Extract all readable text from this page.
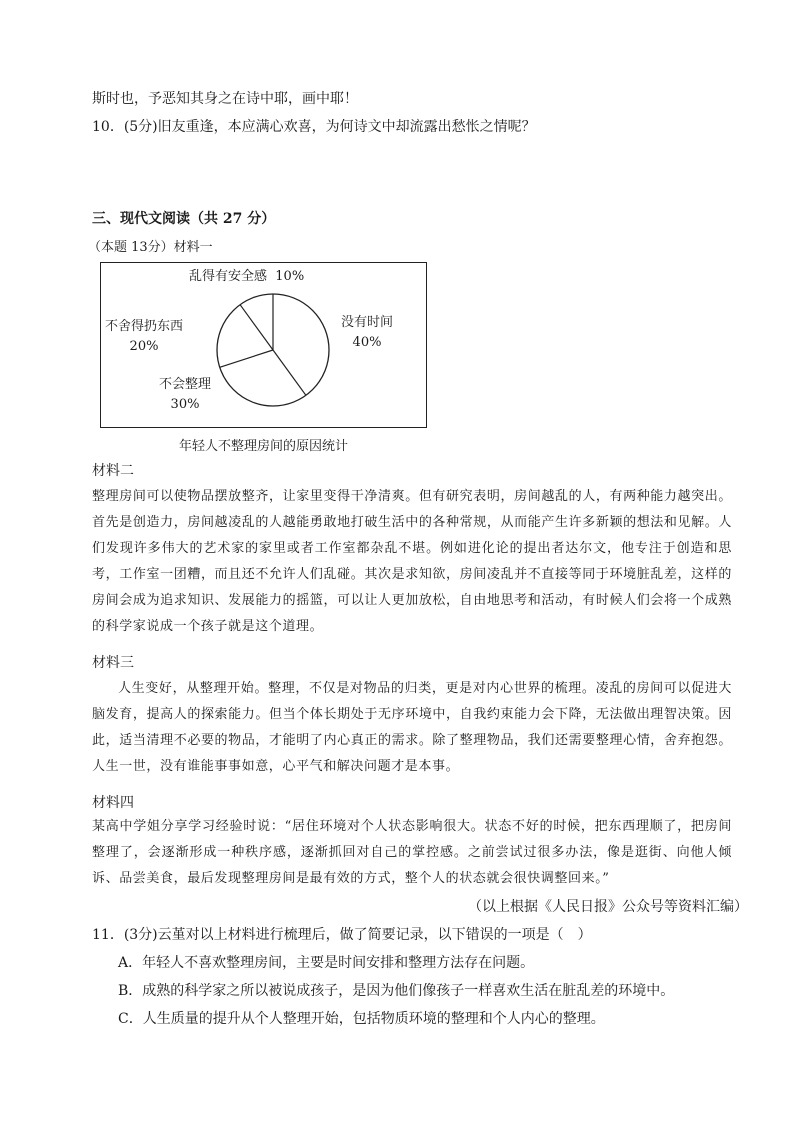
斯时也，予恶知其身之在诗中耶，画中耶！
10．(5分)旧友重逢，本应满心欢喜，为何诗文中却流露出愁怅之情呢？
三、现代文阅读（共 27 分）
（本题 13分）材料一
没有时间
40%
不会整理
30%
不舍得扔东西
20%
乱得有安全感 10%
年轻人不整理房间的原因统计
材料二

整理房间可以使物品摆放整齐，让家里变得干净清爽。但有研究表明，房间越乱的人，有两种能力越突出。首先是创造力，房间越凌乱的人越能勇敢地打破生活中的各种常规，从而能产生许多新颖的想法和见解。人们发现许多伟大的艺术家的家里或者工作室都杂乱不堪。例如进化论的提出者达尔文，他专注于创造和思考，工作室一团糟，而且还不允许人们乱碰。其次是求知欲，房间凌乱并不直接等同于环境脏乱差，这样的房间会成为追求知识、发展能力的摇篮，可以让人更加放松，自由地思考和活动，有时候人们会将一个成熟的科学家说成一个孩子就是这个道理。

材料三

人生变好，从整理开始。整理，不仅是对物品的归类，更是对内心世界的梳理。凌乱的房间可以促进大脑发育，提高人的探索能力。但当个体长期处于无序环境中，自我约束能力会下降，无法做出理智决策。因此，适当清理不必要的物品，才能明了内心真正的需求。除了整理物品，我们还需要整理心情，舍弃抱怨。人生一世，没有谁能事事如意，心平气和解决问题才是本事。

材料四

某高中学姐分享学习经验时说：“居住环境对个人状态影响很大。状态不好的时候，把东西理顺了，把房间整理了，会逐渐形成一种秩序感，逐渐抓回对自己的掌控感。之前尝试过很多办法，像是逛街、向他人倾诉、品尝美食，最后发现整理房间是最有效的方式，整个人的状态就会很快调整回来。”

（以上根据《人民日报》公众号等资料汇编）
11．(3分)云堇对以上材料进行梳理后，做了简要记录，以下错误的一项是（　）
A．年轻人不喜欢整理房间，主要是时间安排和整理方法存在问题。
B．成熟的科学家之所以被说成孩子，是因为他们像孩子一样喜欢生活在脏乱差的环境中。
C．人生质量的提升从个人整理开始，包括物质环境的整理和个人内心的整理。
